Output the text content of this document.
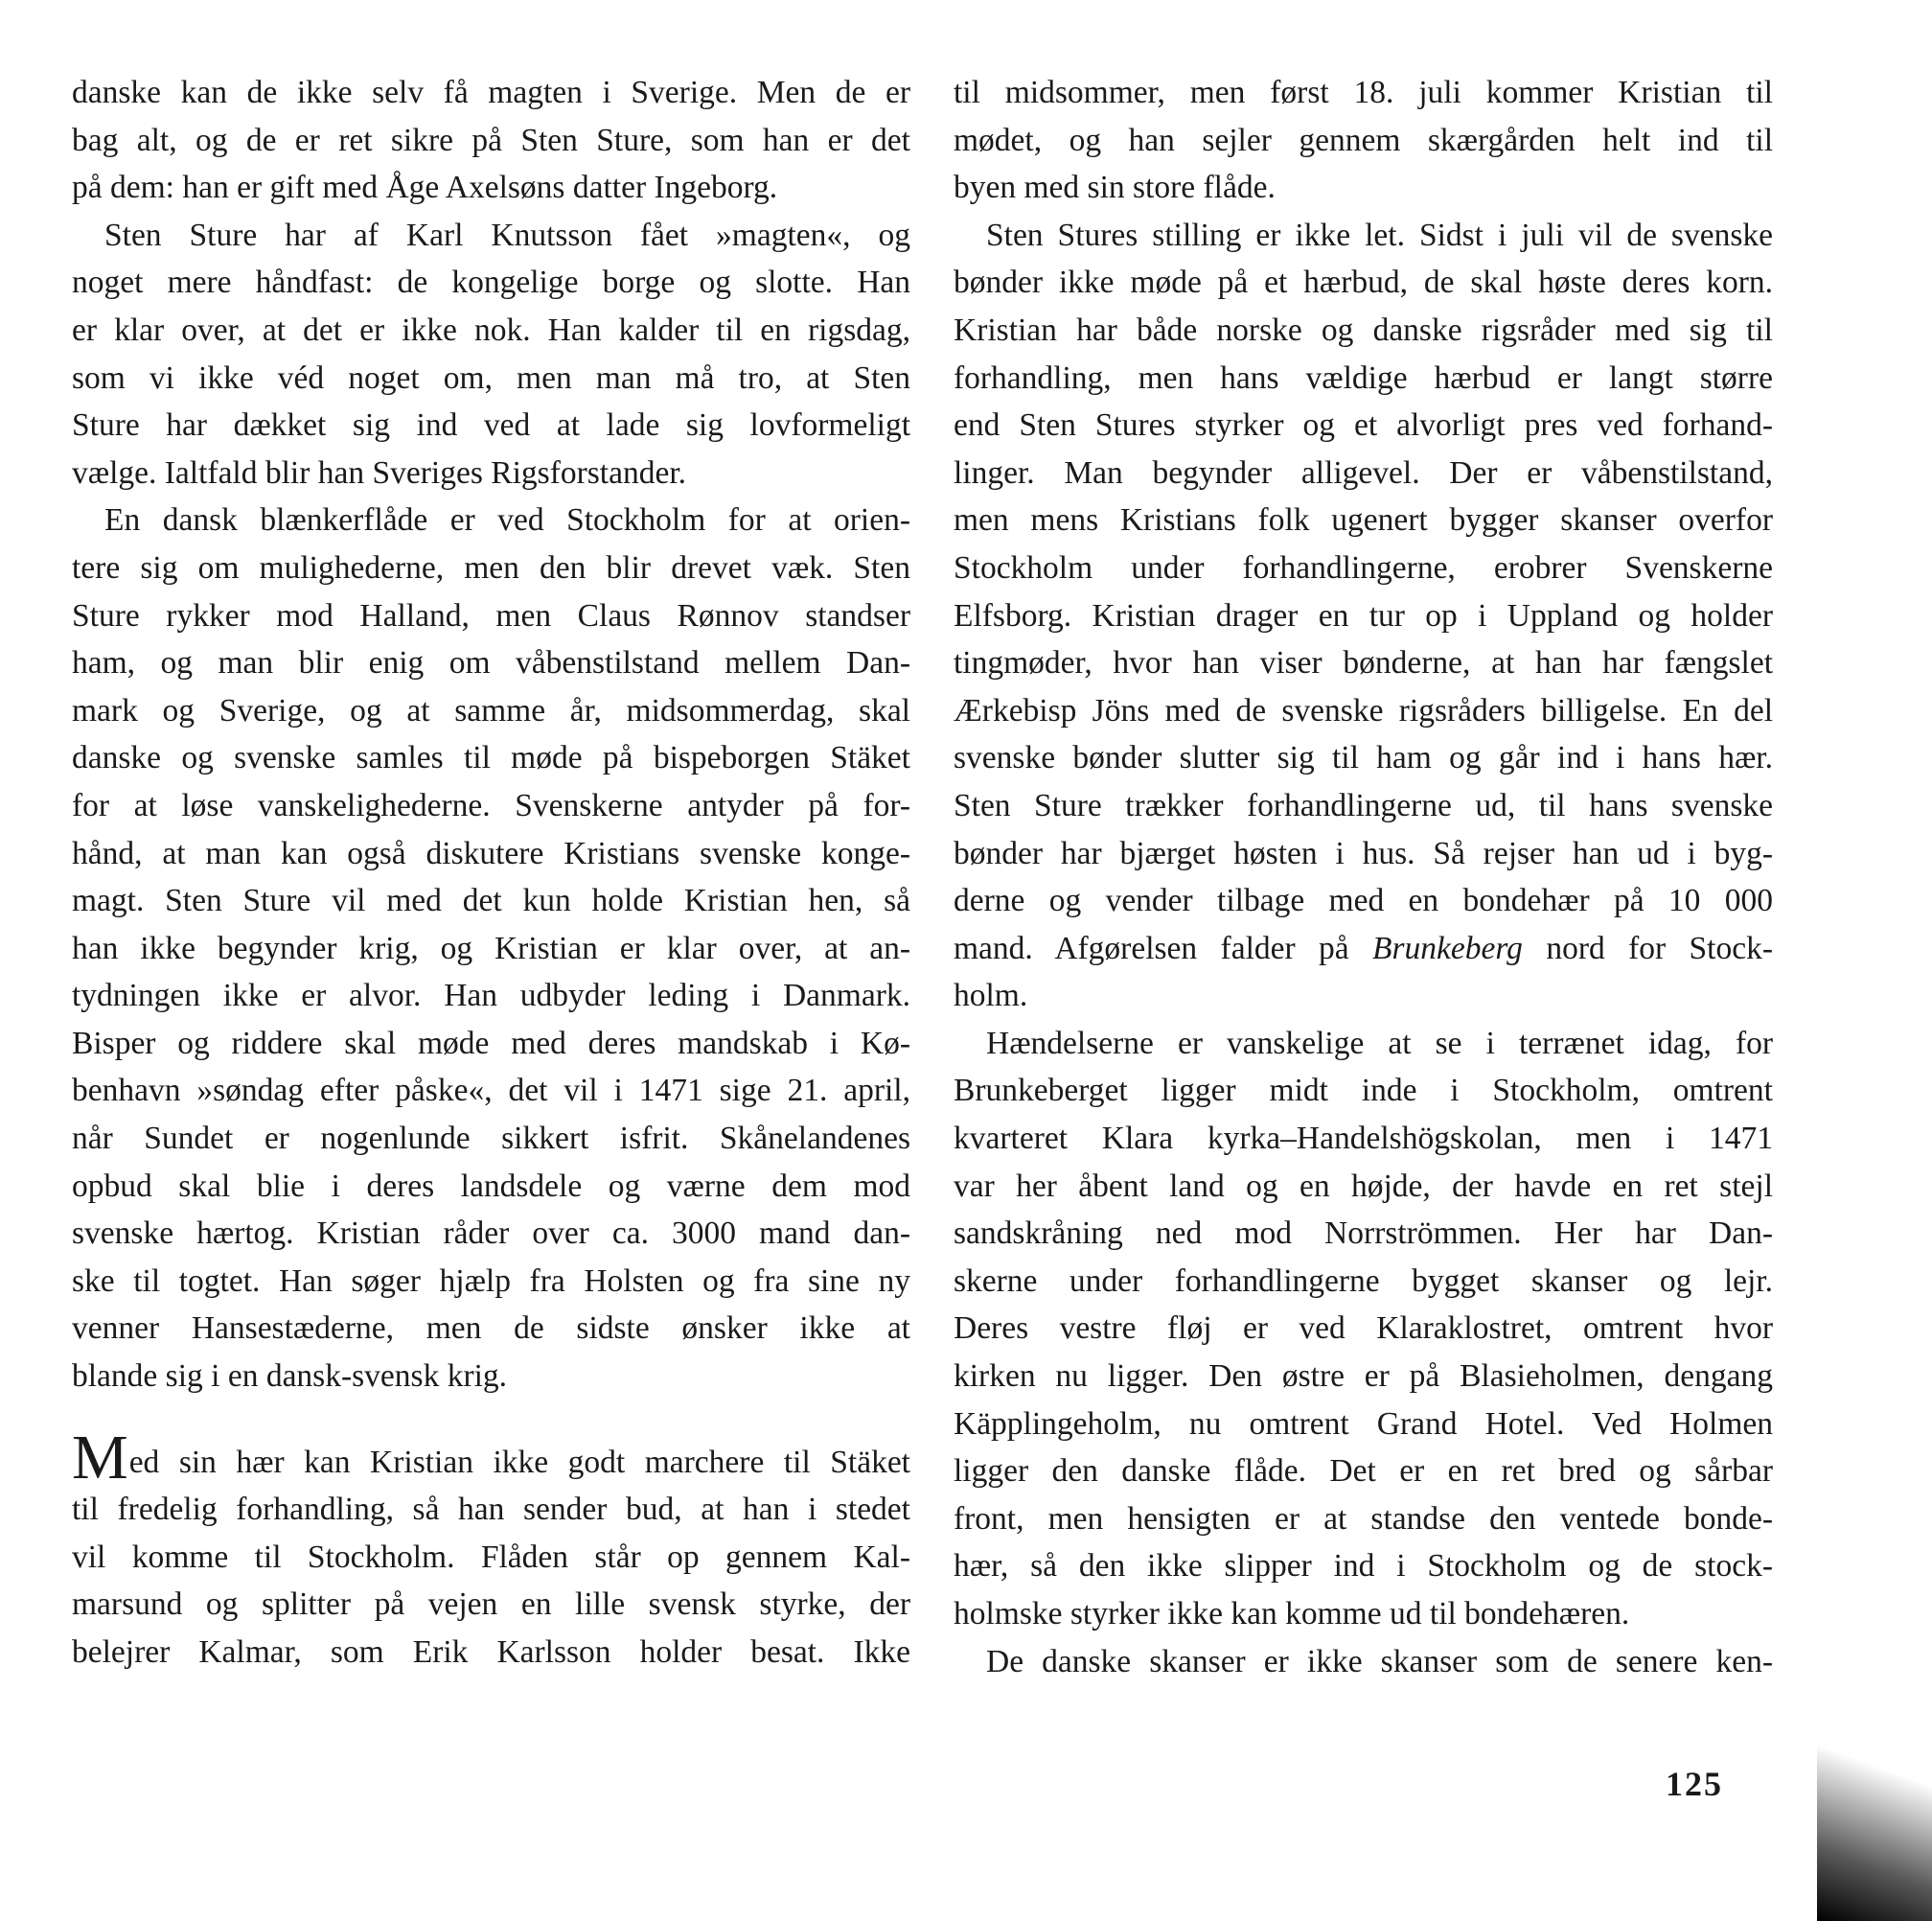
danske kan de ikke selv få magten i Sverige. Men de er
bag alt, og de er ret sikre på Sten Sture, som han er det
på dem: han er gift med Åge Axelsøns datter Ingeborg.
Sten Sture har af Karl Knutsson fået »magten«, og
noget mere håndfast: de kongelige borge og slotte. Han
er klar over, at det er ikke nok. Han kalder til en rigsdag,
som vi ikke véd noget om, men man må tro, at Sten
Sture har dækket sig ind ved at lade sig lovformeligt
vælge. Ialtfald blir han Sveriges Rigsforstander.
En dansk blænkerflåde er ved Stockholm for at orien-
tere sig om mulighederne, men den blir drevet væk. Sten
Sture rykker mod Halland, men Claus Rønnov standser
ham, og man blir enig om våbenstilstand mellem Dan-
mark og Sverige, og at samme år, midsommerdag, skal
danske og svenske samles til møde på bispeborgen Stäket
for at løse vanskelighederne. Svenskerne antyder på for-
hånd, at man kan også diskutere Kristians svenske konge-
magt. Sten Sture vil med det kun holde Kristian hen, så
han ikke begynder krig, og Kristian er klar over, at an-
tydningen ikke er alvor. Han udbyder leding i Danmark.
Bisper og riddere skal møde med deres mandskab i Kø-
benhavn »søndag efter påske«, det vil i 1471 sige 21. april,
når Sundet er nogenlunde sikkert isfrit. Skånelandenes
opbud skal blie i deres landsdele og værne dem mod
svenske hærtog. Kristian råder over ca. 3000 mand dan-
ske til togtet. Han søger hjælp fra Holsten og fra sine ny
venner Hansestæderne, men de sidste ønsker ikke at
blande sig i en dansk-svensk krig.
Med sin hær kan Kristian ikke godt marchere til Stäket
til fredelig forhandling, så han sender bud, at han i stedet
vil komme til Stockholm. Flåden står op gennem Kal-
marsund og splitter på vejen en lille svensk styrke, der
belejrer Kalmar, som Erik Karlsson holder besat. Ikke
til midsommer, men først 18. juli kommer Kristian til
mødet, og han sejler gennem skærgården helt ind til
byen med sin store flåde.
Sten Stures stilling er ikke let. Sidst i juli vil de svenske
bønder ikke møde på et hærbud, de skal høste deres korn.
Kristian har både norske og danske rigsråder med sig til
forhandling, men hans vældige hærbud er langt større
end Sten Stures styrker og et alvorligt pres ved forhand-
linger. Man begynder alligevel. Der er våbenstilstand,
men mens Kristians folk ugenert bygger skanser overfor
Stockholm under forhandlingerne, erobrer Svenskerne
Elfsborg. Kristian drager en tur op i Uppland og holder
tingmøder, hvor han viser bønderne, at han har fængslet
Ærkebisp Jöns med de svenske rigsråders billigelse. En del
svenske bønder slutter sig til ham og går ind i hans hær.
Sten Sture trækker forhandlingerne ud, til hans svenske
bønder har bjærget høsten i hus. Så rejser han ud i byg-
derne og vender tilbage med en bondehær på 10 000
mand. Afgørelsen falder på Brunkeberg nord for Stock-
holm.
Hændelserne er vanskelige at se i terrænet idag, for
Brunkeberget ligger midt inde i Stockholm, omtrent
kvarteret Klara kyrka–Handelshögskolan, men i 1471
var her åbent land og en højde, der havde en ret stejl
sandskråning ned mod Norrströmmen. Her har Dan-
skerne under forhandlingerne bygget skanser og lejr.
Deres vestre fløj er ved Klaraklostret, omtrent hvor
kirken nu ligger. Den østre er på Blasieholmen, dengang
Käpplingeholm, nu omtrent Grand Hotel. Ved Holmen
ligger den danske flåde. Det er en ret bred og sårbar
front, men hensigten er at standse den ventede bonde-
hær, så den ikke slipper ind i Stockholm og de stock-
holmske styrker ikke kan komme ud til bondehæren.
De danske skanser er ikke skanser som de senere ken-
125
